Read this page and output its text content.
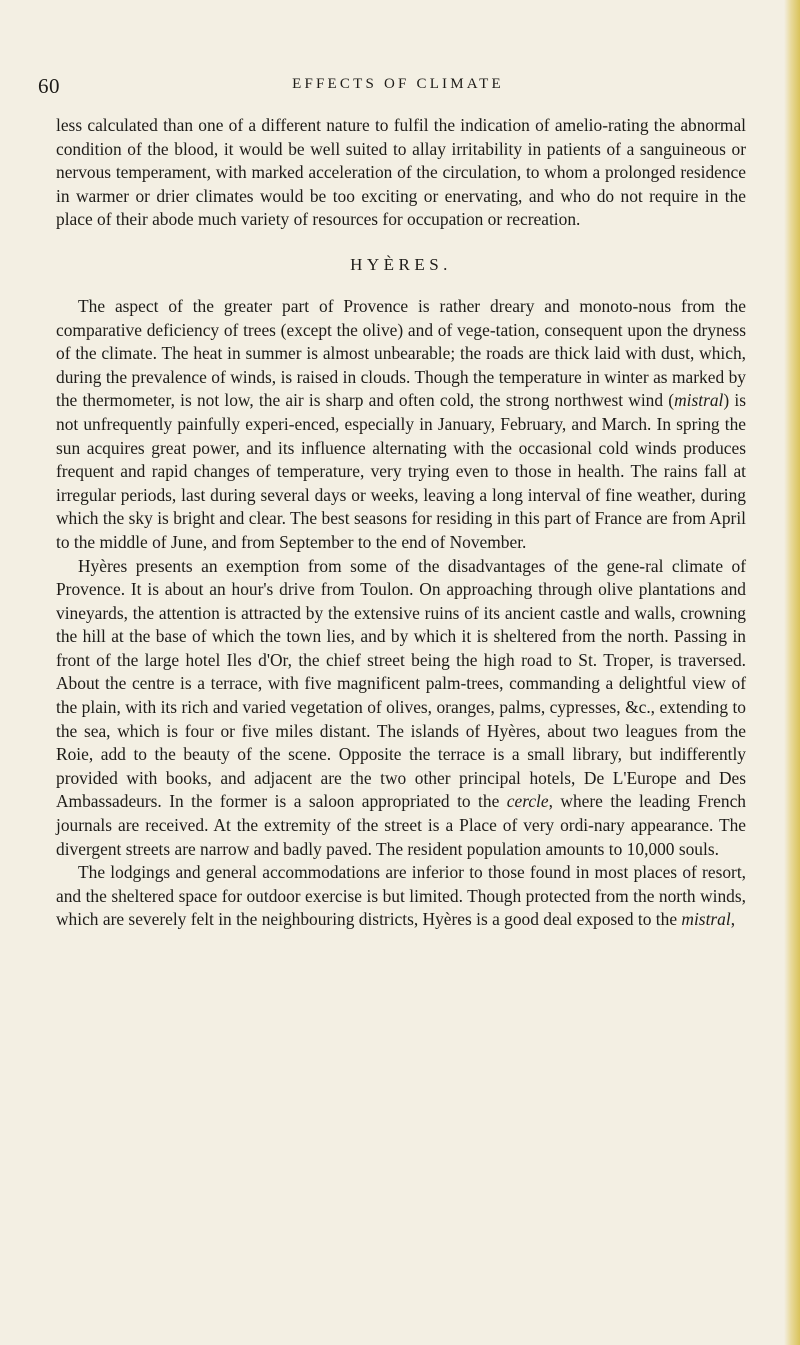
60	EFFECTS OF CLIMATE

less calculated than one of a different nature to fulfil the indication of amelio-rating the abnormal condition of the blood, it would be well suited to allay irritability in patients of a sanguineous or nervous temperament, with marked acceleration of the circulation, to whom a prolonged residence in warmer or drier climates would be too exciting or enervating, and who do not require in the place of their abode much variety of resources for occupation or recreation.

HYÈRES.

The aspect of the greater part of Provence is rather dreary and monoto-nous from the comparative deficiency of trees (except the olive) and of vege-tation, consequent upon the dryness of the climate. The heat in summer is almost unbearable; the roads are thick laid with dust, which, during the prevalence of winds, is raised in clouds. Though the temperature in winter as marked by the thermometer, is not low, the air is sharp and often cold, the strong northwest wind (mistral) is not unfrequently painfully experi-enced, especially in January, February, and March. In spring the sun acquires great power, and its influence alternating with the occasional cold winds produces frequent and rapid changes of temperature, very trying even to those in health. The rains fall at irregular periods, last during several days or weeks, leaving a long interval of fine weather, during which the sky is bright and clear. The best seasons for residing in this part of France are from April to the middle of June, and from September to the end of November.

Hyères presents an exemption from some of the disadvantages of the gene-ral climate of Provence. It is about an hour's drive from Toulon. On approaching through olive plantations and vineyards, the attention is attracted by the extensive ruins of its ancient castle and walls, crowning the hill at the base of which the town lies, and by which it is sheltered from the north. Passing in front of the large hotel Iles d'Or, the chief street being the high road to St. Troper, is traversed. About the centre is a terrace, with five magnificent palm-trees, commanding a delightful view of the plain, with its rich and varied vegetation of olives, oranges, palms, cypresses, &c., extending to the sea, which is four or five miles distant. The islands of Hyères, about two leagues from the Roie, add to the beauty of the scene. Opposite the terrace is a small library, but indifferently provided with books, and adjacent are the two other principal hotels, De L'Europe and Des Ambassadeurs. In the former is a saloon appropriated to the cercle, where the leading French journals are received. At the extremity of the street is a Place of very ordi-nary appearance. The divergent streets are narrow and badly paved. The resident population amounts to 10,000 souls.

The lodgings and general accommodations are inferior to those found in most places of resort, and the sheltered space for outdoor exercise is but limited. Though protected from the north winds, which are severely felt in the neighbouring districts, Hyères is a good deal exposed to the mistral,
